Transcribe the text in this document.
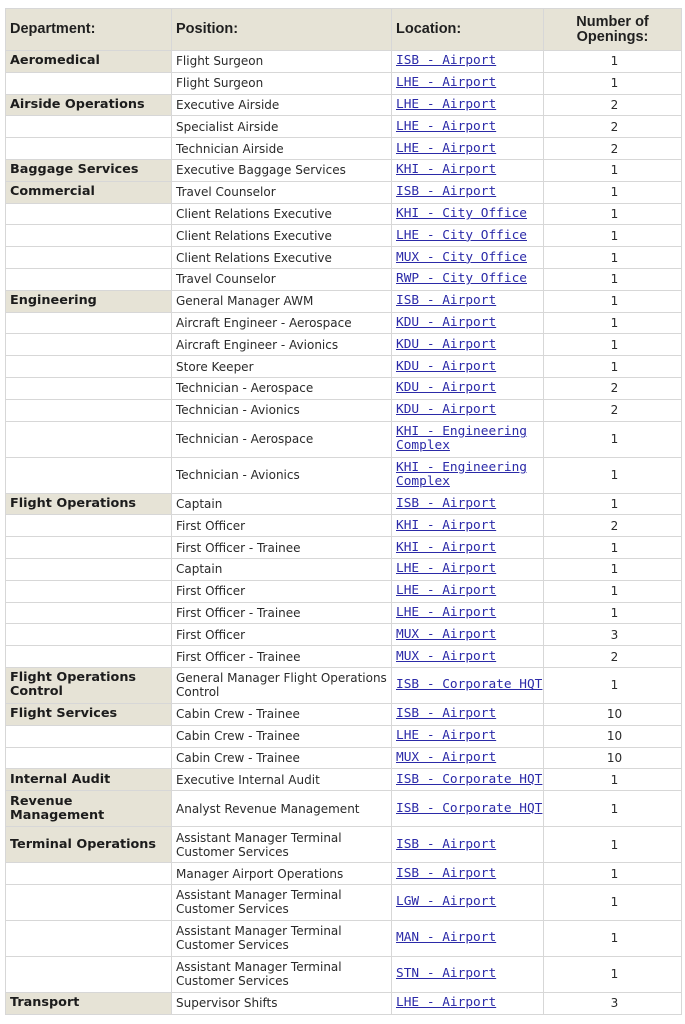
Department:	Position:	Location:	Number of
Openings:
Aeromedical	Flight Surgeon	ISB - Airport	1
	Flight Surgeon	LHE - Airport	1
Airside Operations	Executive Airside	LHE - Airport	2
	Specialist Airside	LHE - Airport	2
	Technician Airside	LHE - Airport	2
Baggage Services	Executive Baggage Services	KHI - Airport	1
Commercial	Travel Counselor	ISB - Airport	1
	Client Relations Executive	KHI - City Office	1
	Client Relations Executive	LHE - City Office	1
	Client Relations Executive	MUX - City Office	1
	Travel Counselor	RWP - City Office	1
Engineering	General Manager AWM	ISB - Airport	1
	Aircraft Engineer - Aerospace	KDU - Airport	1
	Aircraft Engineer - Avionics	KDU - Airport	1
	Store Keeper	KDU - Airport	1
	Technician - Aerospace	KDU - Airport	2
	Technician - Avionics	KDU - Airport	2
	Technician - Aerospace	KHI - Engineering Complex	1
	Technician - Avionics	KHI - Engineering Complex	1
Flight Operations	Captain	ISB - Airport	1
	First Officer	KHI - Airport	2
	First Officer - Trainee	KHI - Airport	1
	Captain	LHE - Airport	1
	First Officer	LHE - Airport	1
	First Officer - Trainee	LHE - Airport	1
	First Officer	MUX - Airport	3
	First Officer - Trainee	MUX - Airport	2
Flight Operations Control	General Manager Flight Operations Control	ISB - Corporate HQT	1
Flight Services	Cabin Crew - Trainee	ISB - Airport	10
	Cabin Crew - Trainee	LHE - Airport	10
	Cabin Crew - Trainee	MUX - Airport	10
Internal Audit	Executive Internal Audit	ISB - Corporate HQT	1
Revenue Management	Analyst Revenue Management	ISB - Corporate HQT	1
Terminal Operations	Assistant Manager Terminal Customer Services	ISB - Airport	1
	Manager Airport Operations	ISB - Airport	1
	Assistant Manager Terminal Customer Services	LGW - Airport	1
	Assistant Manager Terminal Customer Services	MAN - Airport	1
	Assistant Manager Terminal Customer Services	STN - Airport	1
Transport	Supervisor Shifts	LHE - Airport	3
